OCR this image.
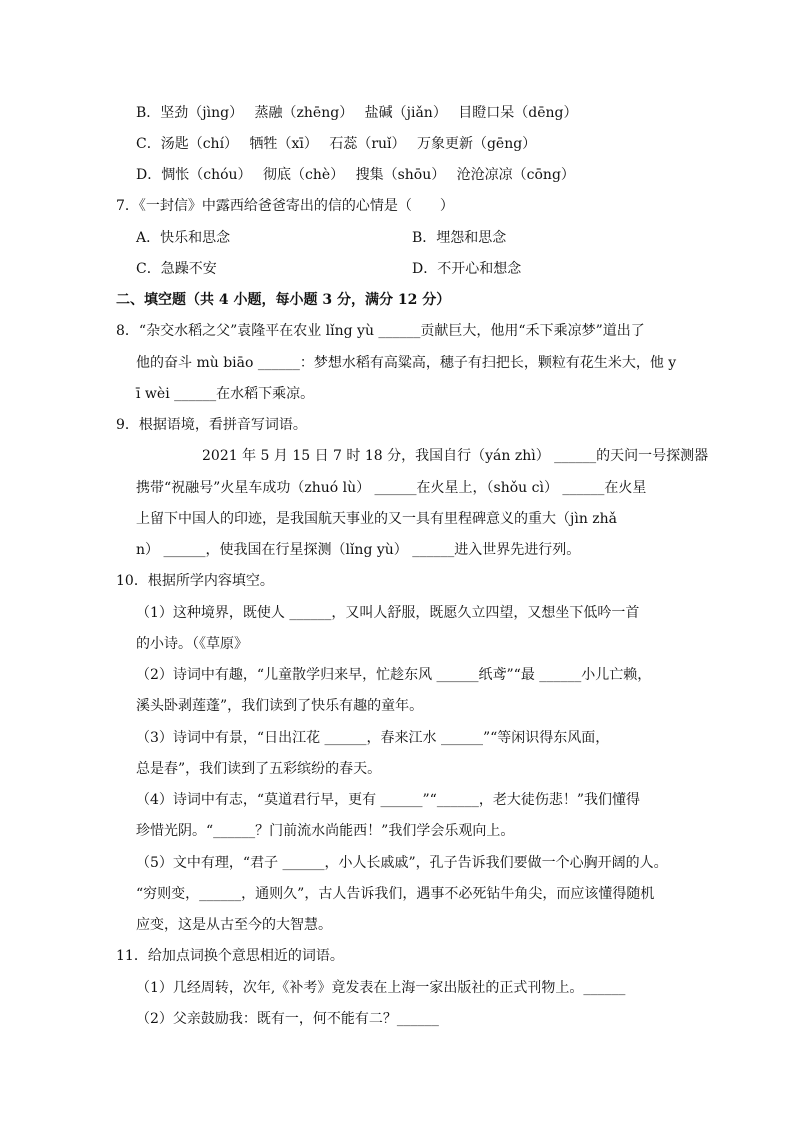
B．坚劲（jìng）　 蒸融（zhēng）　 盐碱（jiǎn）　 目瞪口呆（dēng）
C．汤匙（chí）　 牺牲（xī）　 石蕊（ruǐ）　 万象更新（gēng）
D．惆怅（chóu）　 彻底（chè）　 搜集（shōu）　 沧沧凉凉（cōng）
7．《一封信》中露西给爸爸寄出的信的心情是（　　）
A．快乐和思念	B．埋怨和思念
C．急躁不安	D．不开心和想念
二、填空题（共 4 小题，每小题 3 分，满分 12 分）
8．“杂交水稻之父”袁隆平在农业 lǐng yù ______贡献巨大，他用“禾下乘凉梦”道出了
他的奋斗 mù biāo ______：梦想水稻有高粱高，穗子有扫把长，颗粒有花生米大，他 y
ī wèi ______在水稻下乘凉。
9．根据语境，看拼音写词语。
2021 年 5 月 15 日 7 时 18 分，我国自行（yán zhì） ______的天问一号探测器
携带“祝融号”火星车成功（zhuó lù） ______在火星上，（shǒu cì） ______在火星
上留下中国人的印迹，是我国航天事业的又一具有里程碑意义的重大（jìn zhǎ
n） ______，使我国在行星探测（lǐng yù） ______进入世界先进行列。
10．根据所学内容填空。
（1）这种境界，既使人 ______，又叫人舒服，既愿久立四望，又想坐下低吟一首
的小诗。（《草原》
（2）诗词中有趣，“儿童散学归来早，忙趁东风 ______纸鸢”“最 ______小儿亡赖，
溪头卧剥莲蓬”，我们读到了快乐有趣的童年。
（3）诗词中有景，“日出江花 ______，春来江水 ______”“等闲识得东风面，
总是春”，我们读到了五彩缤纷的春天。
（4）诗词中有志，“莫道君行早，更有 ______”“______，老大徒伤悲！”我们懂得
珍惜光阴。“______？门前流水尚能西！”我们学会乐观向上。
（5）文中有理，“君子 ______，小人长戚戚”，孔子告诉我们要做一个心胸开阔的人。
“穷则变，______，通则久”，古人告诉我们，遇事不必死钻牛角尖，而应该懂得随机
应变，这是从古至今的大智慧。
11．给加点词换个意思相近的词语。
（1）几经周转，次年,《补考》竟发表在上海一家出版社的正式刊物上。______
（2）父亲鼓励我：既有一，何不能有二？______
